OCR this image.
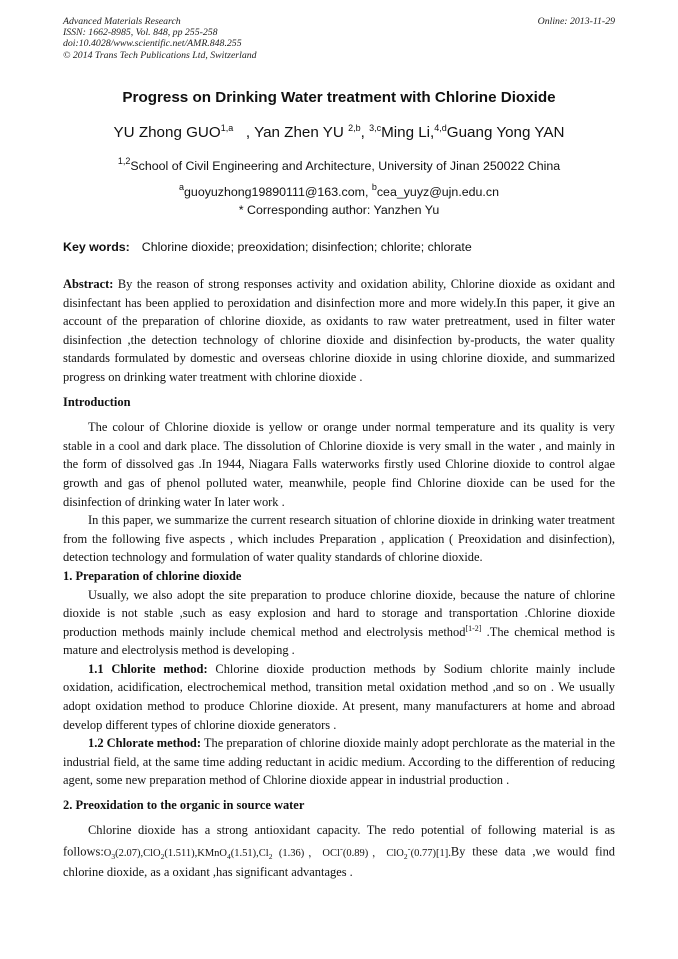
Advanced Materials Research
ISSN: 1662-8985, Vol. 848, pp 255-258
doi:10.4028/www.scientific.net/AMR.848.255
© 2014 Trans Tech Publications Ltd, Switzerland
Online: 2013-11-29
Progress on Drinking Water treatment with Chlorine Dioxide
YU Zhong GUO$^{1,a}$ , Yan Zhen YU $^{2,b}$, $^{3,c}$Ming Li,$^{4,d}$Guang Yong YAN
$^{1,2}$School of Civil Engineering and Architecture, University of Jinan 250022 China
$^a$guoyuzhong19890111@163.com, $^b$cea_yuyz@ujn.edu.cn
* Corresponding author: Yanzhen Yu
Key words: Chlorine dioxide; preoxidation; disinfection; chlorite; chlorate

Abstract: By the reason of strong responses activity and oxidation ability, Chlorine dioxide as oxidant and disinfectant has been applied to peroxidation and disinfection more and more widely.In this paper, it give an account of the preparation of chlorine dioxide, as oxidants to raw water pretreatment, used in filter water disinfection ,the detection technology of chlorine dioxide and disinfection by-products, the water quality standards formulated by domestic and overseas chlorine dioxide in using chlorine dioxide, and summarized progress on drinking water treatment with chlorine dioxide .

Introduction

The colour of Chlorine dioxide is yellow or orange under normal temperature and its quality is very stable in a cool and dark place. The dissolution of Chlorine dioxide is very small in the water , and mainly in the form of dissolved gas .In 1944, Niagara Falls waterworks firstly used Chlorine dioxide to control algae growth and gas of phenol polluted water, meanwhile, people find Chlorine dioxide can be used for the disinfection of drinking water In later work .

In this paper, we summarize the current research situation of chlorine dioxide in drinking water treatment from the following five aspects , which includes Preparation , application ( Preoxidation and disinfection), detection technology and formulation of water quality standards of chlorine dioxide.

1. Preparation of chlorine dioxide

Usually, we also adopt the site preparation to produce chlorine dioxide, because the nature of chlorine dioxide is not stable ,such as easy explosion and hard to storage and transportation .Chlorine dioxide production methods mainly include chemical method and electrolysis method[1-2] .The chemical method is mature and electrolysis method is developing .

1.1 Chlorite method: Chlorine dioxide production methods by Sodium chlorite mainly include oxidation, acidification, electrochemical method, transition metal oxidation method ,and so on . We usually adopt oxidation method to produce Chlorine dioxide. At present, many manufacturers at home and abroad develop different types of chlorine dioxide generators .

1.2 Chlorate method: The preparation of chlorine dioxide mainly adopt perchlorate as the material in the industrial field, at the same time adding reductant in acidic medium. According to the differention of reducing agent, some new preparation method of Chlorine dioxide appear in industrial production .

2. Preoxidation to the organic in source water

Chlorine dioxide has a strong antioxidant capacity. The redo potential of following material is as $follows:O_3(2.07),ClO_2(1.511),KMnO_4(1.51),Cl_2$ (1.36)，OCl-(0.89)，ClO$_2$-(0.77)[1].By these data ,we would find chlorine dioxide, as a oxidant ,has significant advantages .
